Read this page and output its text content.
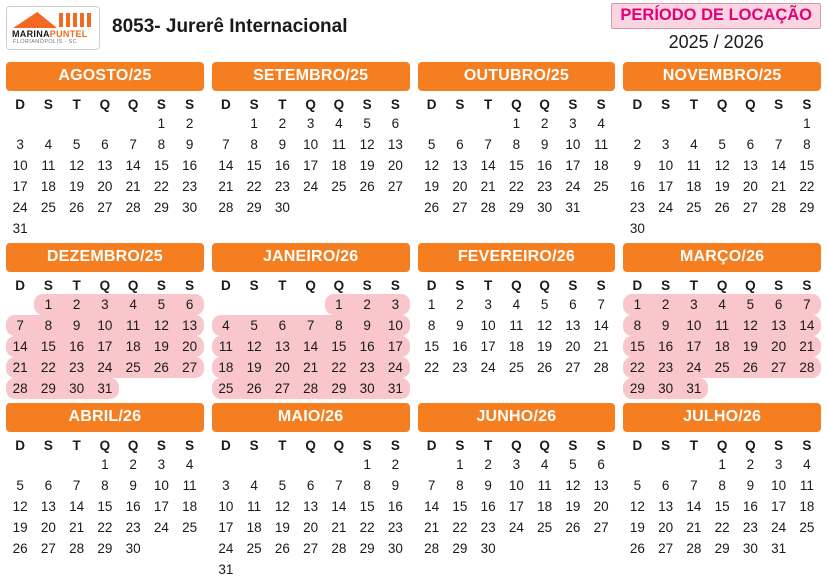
MARINAPUNTEL
FLORIANÓPOLIS - SC
8053- Jurerê Internacional
PERÍODO DE LOCAÇÃO
2025 / 2026
AGOSTO/25
D	S	T	Q	Q	S	S
					1	2
3	4	5	6	7	8	9
10	11	12	13	14	15	16
17	18	19	20	21	22	23
24	25	26	27	28	29	30
31						
SETEMBRO/25
D	S	T	Q	Q	S	S
	1	2	3	4	5	6
7	8	9	10	11	12	13
14	15	16	17	18	19	20
21	22	23	24	25	26	27
28	29	30				
OUTUBRO/25
D	S	T	Q	Q	S	S
			1	2	3	4
5	6	7	8	9	10	11
12	13	14	15	16	17	18
19	20	21	22	23	24	25
26	27	28	29	30	31	
NOVEMBRO/25
D	S	T	Q	Q	S	S
						1
2	3	4	5	6	7	8
9	10	11	12	13	14	15
16	17	18	19	20	21	22
23	24	25	26	27	28	29
30						
DEZEMBRO/25
D	S	T	Q	Q	S	S
	1	2	3	4	5	6
7	8	9	10	11	12	13
14	15	16	17	18	19	20
21	22	23	24	25	26	27
28	29	30	31			
JANEIRO/26
D	S	T	Q	Q	S	S
				1	2	3
4	5	6	7	8	9	10
11	12	13	14	15	16	17
18	19	20	21	22	23	24
25	26	27	28	29	30	31
FEVEREIRO/26
D	S	T	Q	Q	S	S
1	2	3	4	5	6	7
8	9	10	11	12	13	14
15	16	17	18	19	20	21
22	23	24	25	26	27	28
MARÇO/26
D	S	T	Q	Q	S	S
1	2	3	4	5	6	7
8	9	10	11	12	13	14
15	16	17	18	19	20	21
22	23	24	25	26	27	28
29	30	31				
ABRIL/26
D	S	T	Q	Q	S	S
			1	2	3	4
5	6	7	8	9	10	11
12	13	14	15	16	17	18
19	20	21	22	23	24	25
26	27	28	29	30		
MAIO/26
D	S	T	Q	Q	S	S
					1	2
3	4	5	6	7	8	9
10	11	12	13	14	15	16
17	18	19	20	21	22	23
24	25	26	27	28	29	30
31						
JUNHO/26
D	S	T	Q	Q	S	S
	1	2	3	4	5	6
7	8	9	10	11	12	13
14	15	16	17	18	19	20
21	22	23	24	25	26	27
28	29	30				
JULHO/26
D	S	T	Q	Q	S	S
			1	2	3	4
5	6	7	8	9	10	11
12	13	14	15	16	17	18
19	20	21	22	23	24	25
26	27	28	29	30	31	
